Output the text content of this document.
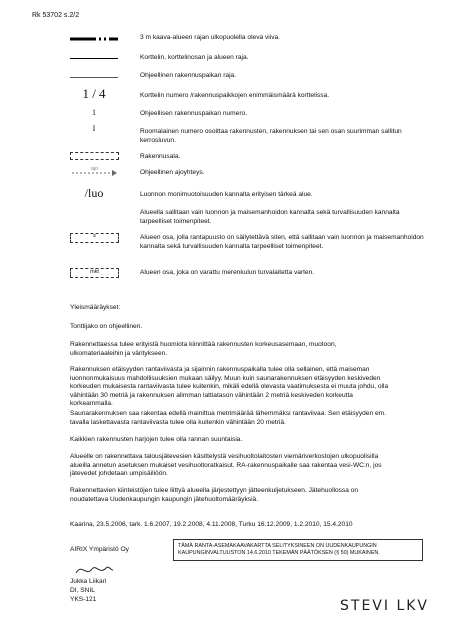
Rk 53702 s.2/2
3 m kaava-alueen rajan ulkopuolella oleva viiva.
Korttelin, korttelinosan ja alueen raja.
Ohjeellinen rakennuspaikan raja.
1 / 4	Korttelin numero /rakennuspaikkojen enimmäismäärä korttelissa.
1	Ohjeellisen rakennuspaikan numero.
I	Roomalainen numero osoittaa rakennusten, rakennuksen tai sen osan suurimman sallitun kerrosluvun.
Rakennusala.
ajo	Ohjeellinen ajoyhteys.
/luo	Luonnon monimuotoisuuden kannalta erityisen tärkeä alue.
Alueella sallitaan vain luonnon ja maisemanhoidon kannalta sekä turvallisuuden kannalta tarpeelliset toimenpiteet.
s	Alueen osa, jolla rantapuusto on säilytettävä siten, että sallitaan vain luonnon ja maisemanhoidon kannalta sekä turvallisuuden kannalta tarpeelliset toimenpiteet.
mkt	Alueen osa, joka on varattu merenkulun turvalaitetta varten.
Yleismääräykset:
Tonttijako on ohjeellinen.
Rakennettaessa tulee erityistä huomiota kiinnittää rakennusten korkeusasemaan, muotoon, ulkomateriaaleihin ja väritykseen.
Rakennuksen etäisyyden rantaviivasta ja sijainnin rakennuspaikalla tulee olla sellainen, että maiseman luonnonmukaisuus mahdollisuuksien mukaan säilyy. Muun kuin saunarakennuksen etäisyyden keskiveden korkeuden mukaisesta rantaviivasta tulee kuitenkin, mikäli edellä olevasta vaatimuksesta ei muuta johdu, olla vähintään 30 metriä ja rakennuksen alimman lattiatason vähintään 2 metriä keskiveden korkeutta korkeammalla.
Saunarakennuksen saa rakentaa edellä mainittua metrimäärää lähemmäksi rantaviivaa. Sen etäisyyden em. tavalla laskettavasta rantaviivasta tulee olla kuitenkin vähintään 20 metriä.
Kaikkien rakennusten harjojen tulee olla rannan suuntaisia.
Alueelle on rakennettava talousjätevesien käsittelystä vesihuoltolaitosten viemäriverkostojen ulkopuolisilla alueilla annetun asetuksen mukaiset vesihuoltoratkaisut. RA-rakennuspaikalle saa rakentaa vesi-WC:n, jos jätevedet johdetaan umpisäiliöön.
Rakennettavien kiinteistöjen tulee liittyä alueella järjestettyyn jätteenkuljetukseen. Jätehuollossa on noudatettava Uudenkaupungin kaupungin jätehuoltomääräyksiä.
Kaarina, 23.5.2006, tark. 1.6.2007, 19.2.2008, 4.11.2008, Turku 16.12.2009, 1.2.2010, 15.4.2010
AIRIX Ympäristö Oy
Jukka Liikari
DI, SNIL
YKS-121
TÄMÄ RANTA-ASEMAKAAVAKARTTA SELITYKSINEEN ON UUDENKAUPUNGIN KAUPUNGINVALTUUSTON 14.6.2010 TEKEMÄN PÄÄTÖKSEN (§ 50) MUKAINEN.
STEVI LKV
